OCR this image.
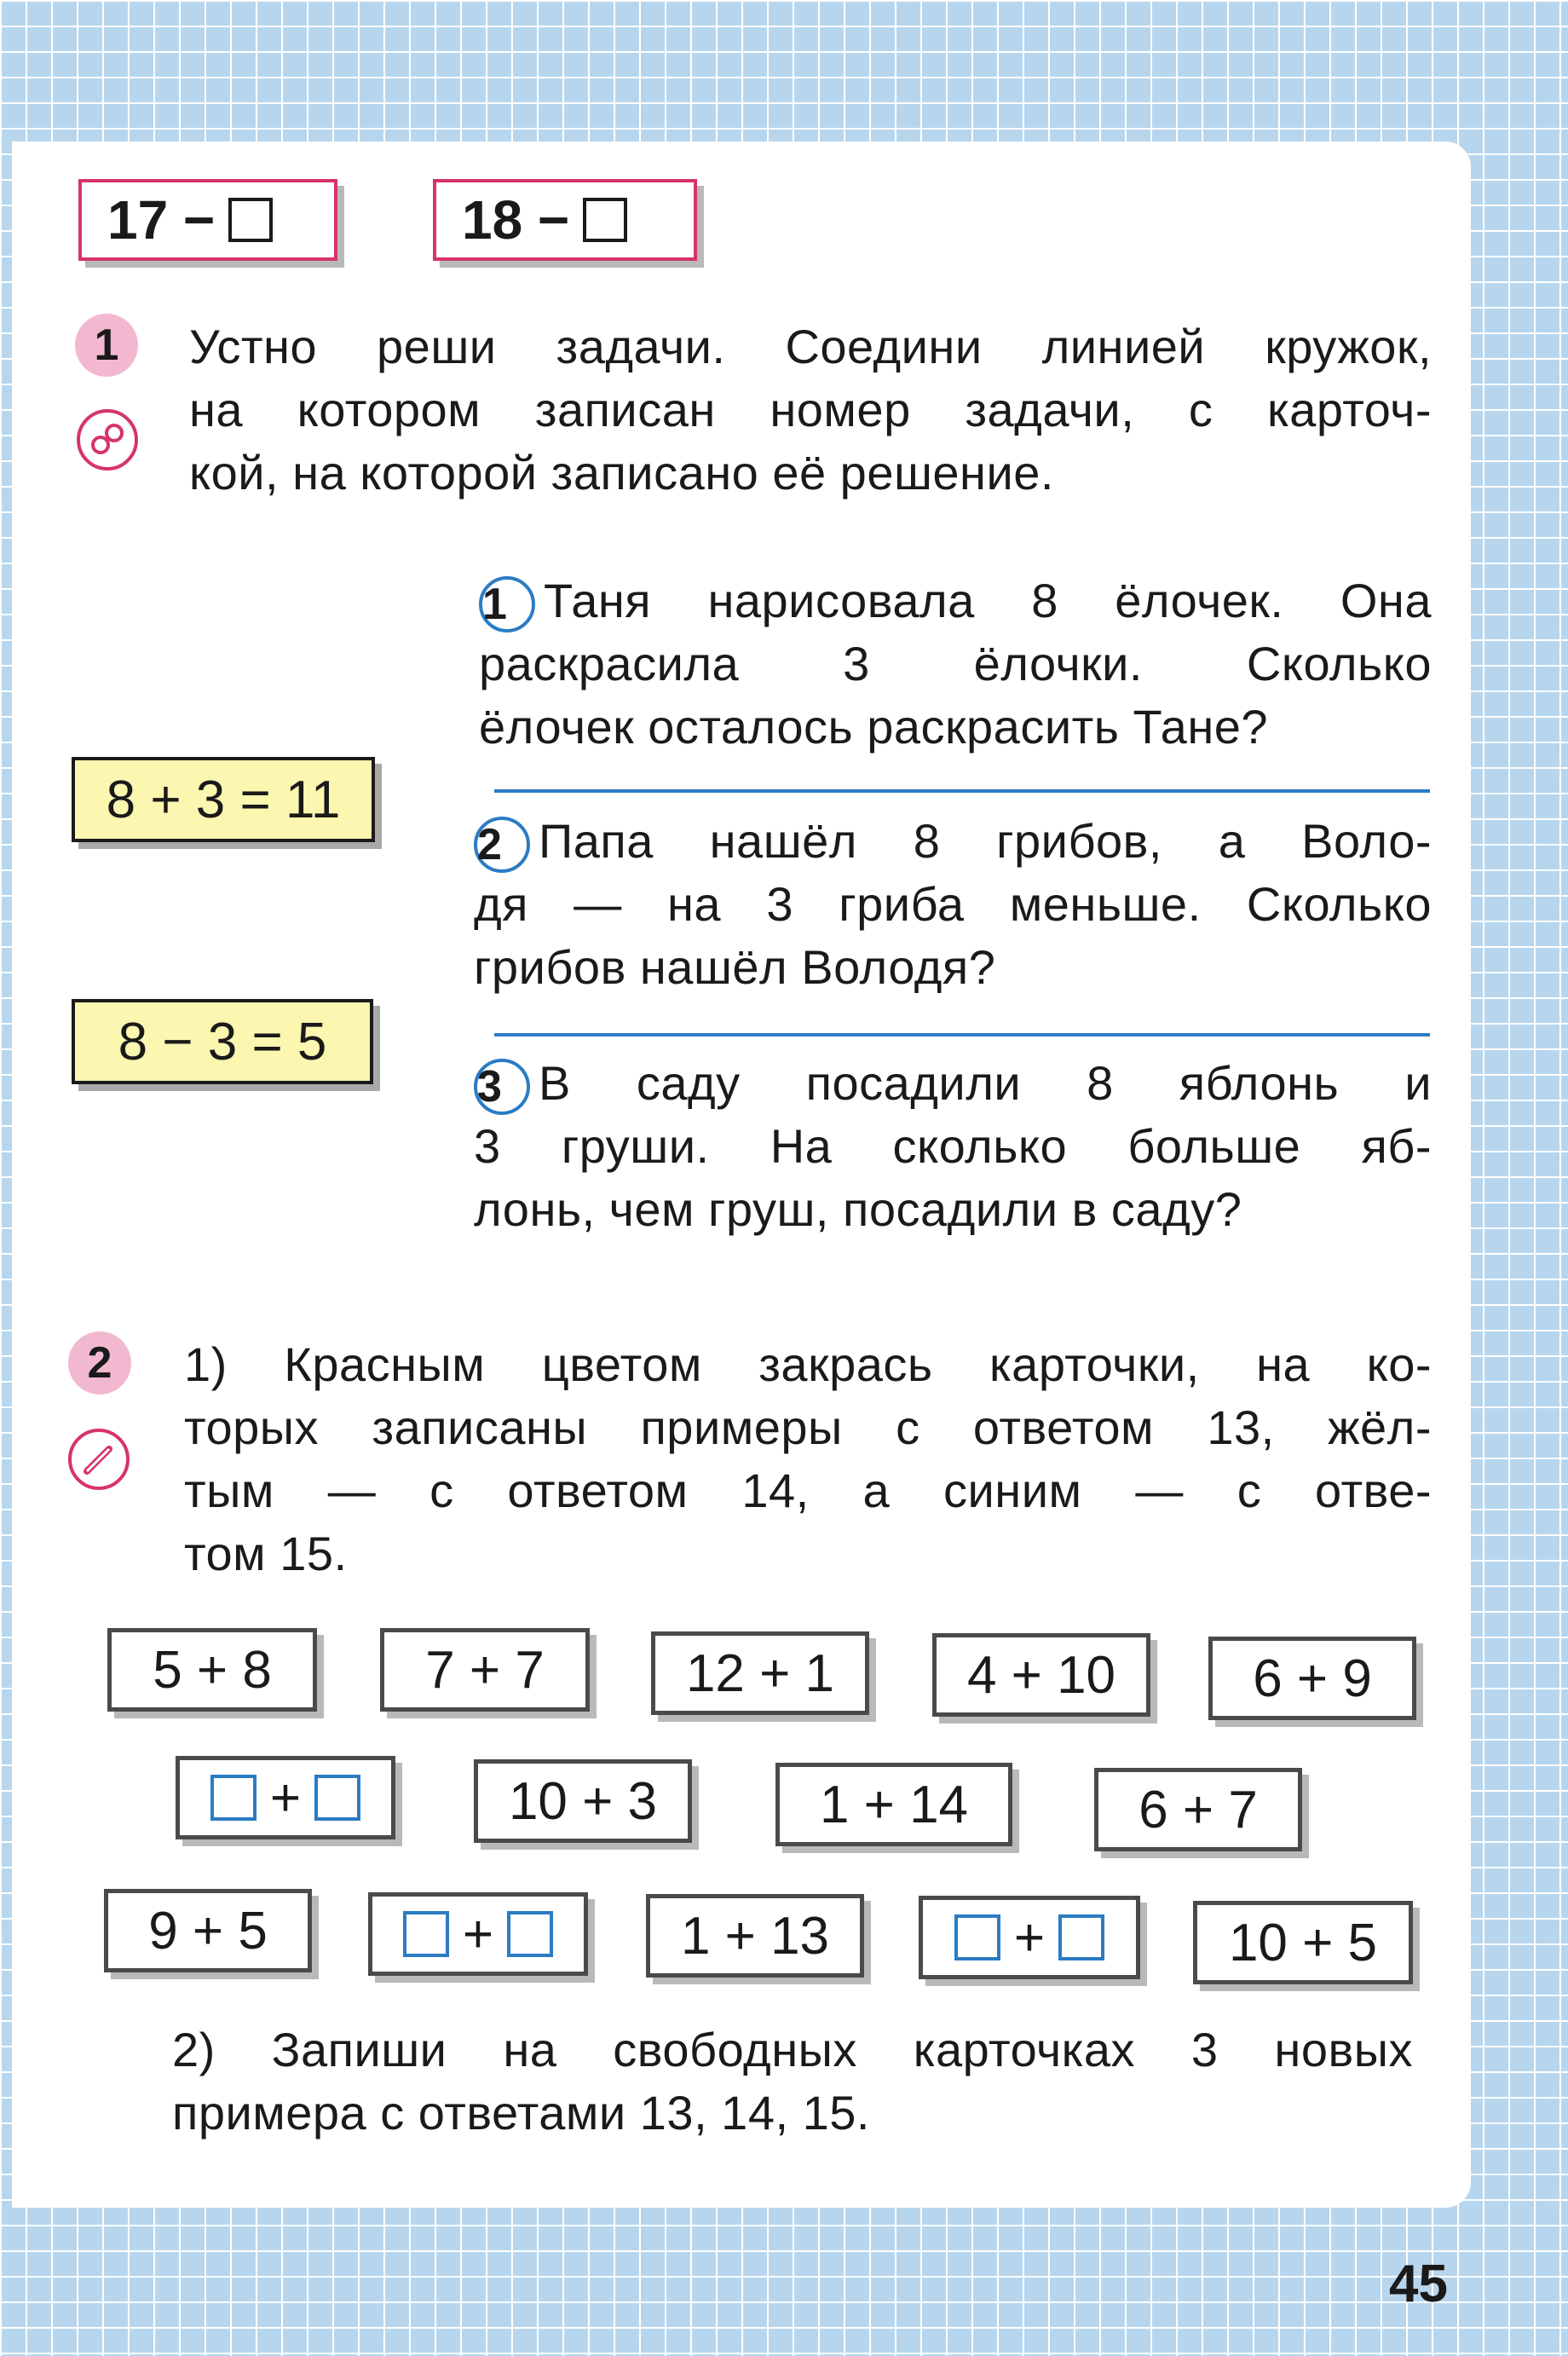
17 −	18 −
1 Устно реши задачи. Соедини линией кружок,
на котором записан номер задачи, с карточ-
кой, на которой записано её решение.
8 + 3 = 11
8 − 3 = 5
1 Таня нарисовала 8 ёлочек. Она
раскрасила 3 ёлочки. Сколько
ёлочек осталось раскрасить Тане?
2 Папа нашёл 8 грибов, а Воло-
дя — на 3 гриба меньше. Сколько
грибов нашёл Володя?
3 В саду посадили 8 яблонь и
3 груши. На сколько больше яб-
лонь, чем груш, посадили в саду?
2 1) Красным цветом закрась карточки, на ко-
торых записаны примеры с ответом 13, жёл-
тым — с ответом 14, а синим — с отве-
том 15.
5 + 8	7 + 7	12 + 1	4 + 10	6 + 9
+	10 + 3	1 + 14	6 + 7
9 + 5	+	1 + 13	+	10 + 5
2) Запиши на свободных карточках 3 новых
примера с ответами 13, 14, 15.
45
